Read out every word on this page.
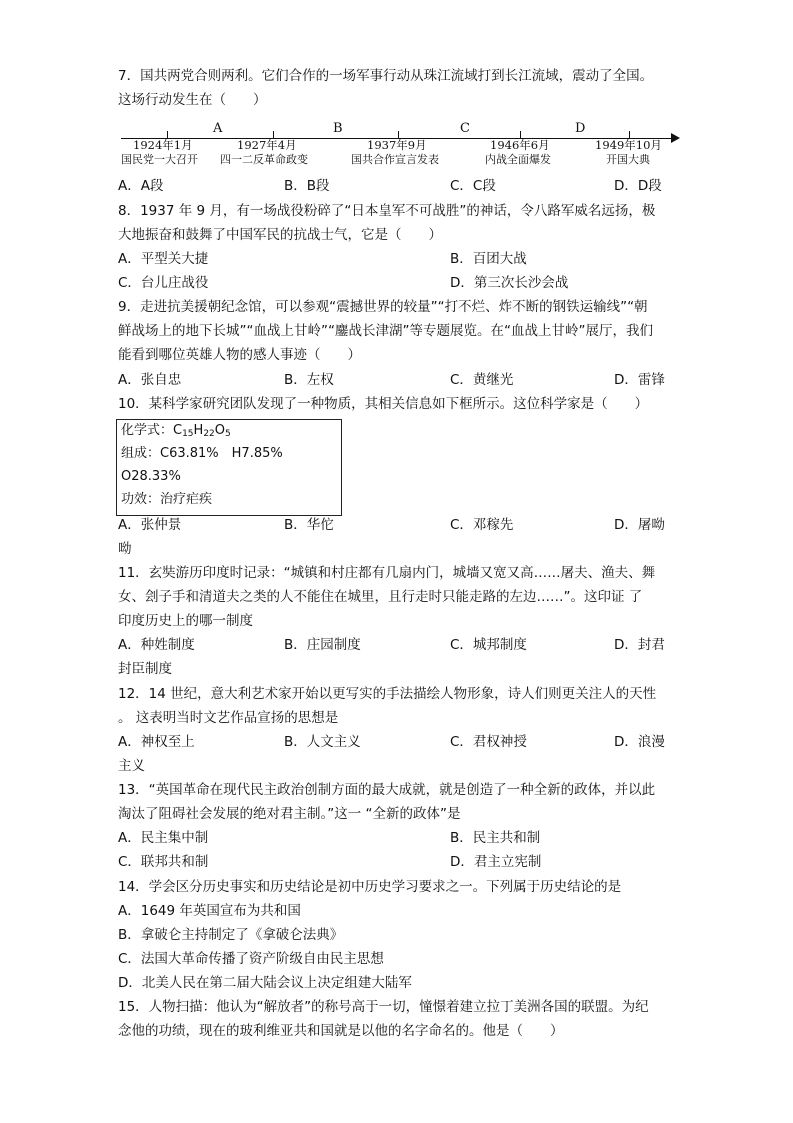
7．国共两党合则两利。它们合作的一场军事行动从珠江流域打到长江流域，震动了全国。
这场行动发生在（　　）
A	B	C	D
1924年1月	1927年4月	1937年9月	1946年6月	1949年10月
国民党一大召开 四一二反革命政变	国共合作宣言发表	内战全面爆发	开国大典
A．A段	B．B段	C．C段	D．D段
8．1937 年 9 月，有一场战役粉碎了“日本皇军不可战胜”的神话，令八路军威名远扬，极
大地振奋和鼓舞了中国军民的抗战士气，它是（　　）
A．平型关大捷	B．百团大战
C．台儿庄战役	D．第三次长沙会战
9．走进抗美援朝纪念馆，可以参观“震撼世界的较量”“打不烂、炸不断的钢铁运输线”“朝
鲜战场上的地下长城”“血战上甘岭”“鏖战长津湖”等专题展览。在“血战上甘岭”展厅，我们
能看到哪位英雄人物的感人事迹（　　）
A．张自忠	B．左权	C．黄继光	D．雷锋
10．某科学家研究团队发现了一种物质，其相关信息如下框所示。这位科学家是（　　）
化学式：$C_{15}H_{22}O_5$
组成：C63.81%　H7.85%
O28.33%
功效：治疗疟疾
A．张仲景	B．华佗	C．邓稼先	D．屠呦
呦
11．玄奘游历印度时记录：“城镇和村庄都有几扇内门，城墙又宽又高……屠夫、渔夫、舞
女、刽子手和清道夫之类的人不能住在城里，且行走时只能走路的左边……”。这印证 了
印度历史上的哪一制度
A．种姓制度	B．庄园制度	C．城邦制度	D．封君
封臣制度
12．14 世纪，意大利艺术家开始以更写实的手法描绘人物形象，诗人们则更关注人的天性
。 这表明当时文艺作品宣扬的思想是
A．神权至上	B．人文主义	C．君权神授	D．浪漫
主义
13．“英国革命在现代民主政治创制方面的最大成就，就是创造了一种全新的政体，并以此
淘汰了阻碍社会发展的绝对君主制。”这一 “全新的政体”是
A．民主集中制	B．民主共和制
C．联邦共和制	D．君主立宪制
14．学会区分历史事实和历史结论是初中历史学习要求之一。下列属于历史结论的是
A．1649 年英国宣布为共和国
B．拿破仑主持制定了《拿破仑法典》
C．法国大革命传播了资产阶级自由民主思想
D．北美人民在第二届大陆会议上决定组建大陆军
15．人物扫描：他认为“解放者”的称号高于一切，憧憬着建立拉丁美洲各国的联盟。为纪
念他的功绩，现在的玻利维亚共和国就是以他的名字命名的。他是（　　）
